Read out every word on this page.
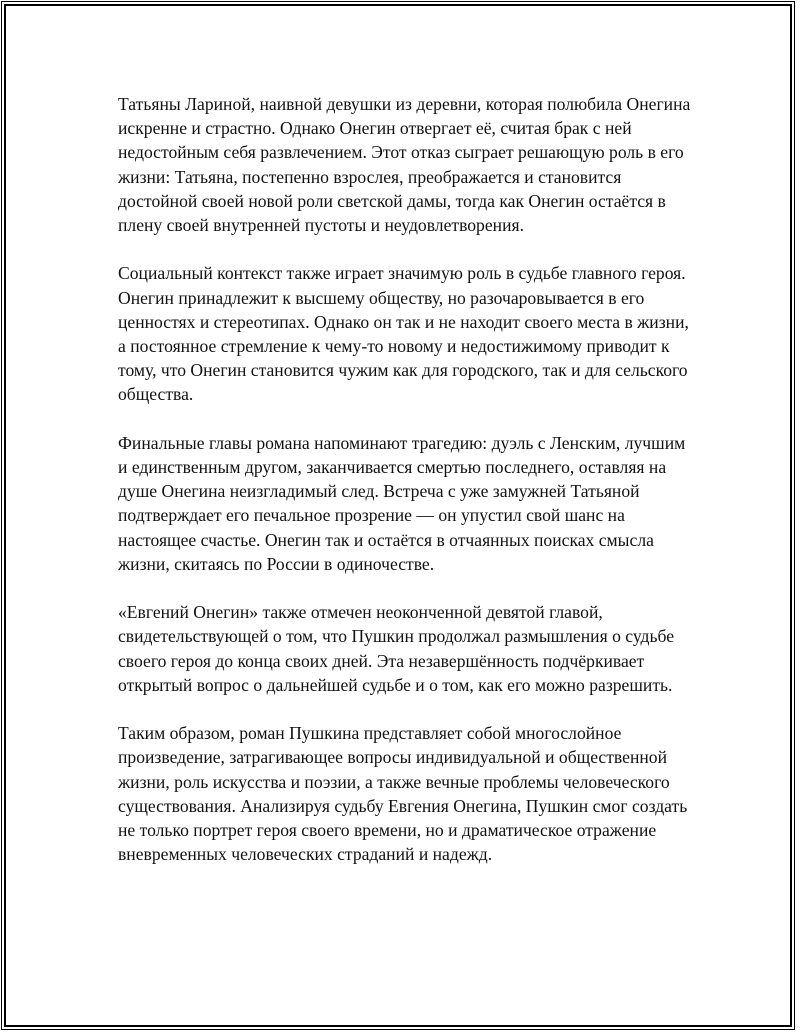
Татьяны Лариной, наивной девушки из деревни, которая полюбила Онегина искренне и страстно. Однако Онегин отвергает её, считая брак с ней недостойным себя развлечением. Этот отказ сыграет решающую роль в его жизни: Татьяна, постепенно взрослея, преображается и становится достойной своей новой роли светской дамы, тогда как Онегин остаётся в плену своей внутренней пустоты и неудовлетворения.

Социальный контекст также играет значимую роль в судьбе главного героя. Онегин принадлежит к высшему обществу, но разочаровывается в его ценностях и стереотипах. Однако он так и не находит своего места в жизни, а постоянное стремление к чему-то новому и недостижимому приводит к тому, что Онегин становится чужим как для городского, так и для сельского общества.

Финальные главы романа напоминают трагедию: дуэль с Ленским, лучшим и единственным другом, заканчивается смертью последнего, оставляя на душе Онегина неизгладимый след. Встреча с уже замужней Татьяной подтверждает его печальное прозрение — он упустил свой шанс на настоящее счастье. Онегин так и остаётся в отчаянных поисках смысла жизни, скитаясь по России в одиночестве.

«Евгений Онегин» также отмечен неоконченной девятой главой, свидетельствующей о том, что Пушкин продолжал размышления о судьбе своего героя до конца своих дней. Эта незавершённость подчёркивает открытый вопрос о дальнейшей судьбе и о том, как его можно разрешить.

Таким образом, роман Пушкина представляет собой многослойное произведение, затрагивающее вопросы индивидуальной и общественной жизни, роль искусства и поэзии, а также вечные проблемы человеческого существования. Анализируя судьбу Евгения Онегина, Пушкин смог создать не только портрет героя своего времени, но и драматическое отражение вневременных человеческих страданий и надежд.
